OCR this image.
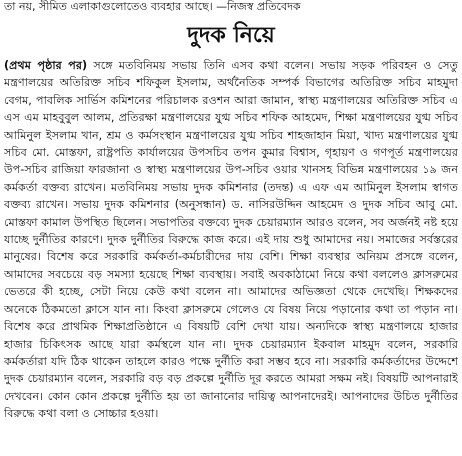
তা নয়, সীমিত এলাকাগুলোতেও ব্যবহার আছে। —নিজস্ব প্রতিবেদক
দুদক নিয়ে

(প্রথম পৃষ্ঠার পর) সঙ্গে মতবিনিময় সভায় তিনি এসব কথা বলেন। সভায় সড়ক পরিবহন ও সেতু মন্ত্রণালয়ের অতিরিক্ত সচিব শফিকুল ইসলাম, অর্থনৈতিক সম্পর্ক বিভাগের অতিরিক্ত সচিব মাহমুদা বেগম, পাবলিক সার্ভিস কমিশনের পরিচালক রওশন আরা জামান, স্বাস্থ্য মন্ত্রণালয়ের অতিরিক্ত সচিব এ এস এম মাহবুবুল আলম, প্রতিরক্ষা মন্ত্রণালয়ের যুগ্ম সচিব শফিক আহমেদ, শিক্ষা মন্ত্রণালয়ের যুগ্ম সচিব আমিনুল ইসলাম খান, শ্রম ও কর্মসংস্থান মন্ত্রণালয়ের যুগ্ম সচিব শাহজাহান মিয়া, খাদ্য মন্ত্রণালয়ের যুগ্ম সচিব মো. মোস্তফা, রাষ্ট্রপতি কার্যালয়ের উপসচিব তপন কুমার বিশ্বাস, গৃহায়ণ ও গণপূর্ত মন্ত্রণালয়ের উপ-সচিব রাজিয়া ফারজানা ও স্বাস্থ্য মন্ত্রণালয়ের উপ-সচিব ওয়ার খানসহ বিভিন্ন মন্ত্রণালয়ের ১৯ জন কর্মকর্তা বক্তব্য রাখেন। মতবিনিময় সভায় দুদক কমিশনার (তদন্ত) এ এফ এম আমিনুল ইসলাম স্বাগত বক্তব্য রাখেন। সভায় দুদক কমিশনার (অনুসন্ধান) ড. নাসিরউদ্দিন আহমেদ ও দুদক সচিব আবু মো. মোস্তফা কামাল উপস্থিত ছিলেন। সভাপতির বক্তব্যে দুদক চেয়ারম্যান আরও বলেন, সব অর্জনই নষ্ট হয়ে যাচ্ছে দুর্নীতির কারণে। দুদক দুর্নীতির বিরুদ্ধে কাজ করে। এই দায় শুধু আমাদের নয়। সমাজের সর্বস্তরের মানুষের। বিশেষ করে সরকারি কর্মকর্তা-কর্মচারীদের দায় বেশি। শিক্ষা ব্যবস্থার অনিয়ম প্রসঙ্গে বলেন, আমাদের সবচেয়ে বড় সমস্যা হয়েছে শিক্ষা ব্যবস্থায়। সবাই অবকাঠামো নিয়ে কথা বললেও ক্লাসরুমের ভেতরে কী হচ্ছে, সেটা নিয়ে কেউ কথা বলেন না। আমাদের অভিজ্ঞতা থেকে দেখেছি। শিক্ষকদের অনেকে ঠিকমতো ক্লাসে যান না। কিংবা ক্লাসরুমে গেলেও যে বিষয় নিয়ে পড়ানোর কথা তা পড়ান না। বিশেষ করে প্রাথমিক শিক্ষাপ্রতিষ্ঠানে এ বিষয়টি বেশি দেখা যায়। অন্যদিকে স্বাস্থ্য মন্ত্রণালয়ে হাজার হাজার চিকিৎসক আছে যারা কর্মস্থলে যান না। দুদক চেয়ারম্যান ইকবাল মাহমুদ বলেন, সরকারি কর্মকর্তারা যদি ঠিক থাকেন তাহলে কারও পক্ষে দুর্নীতি করা সম্ভব হবে না। সরকারি কর্মকর্তাদের উদ্দেশে দুদক চেয়ারম্যান বলেন, সরকারি বড় বড় প্রকল্পে দুর্নীতি দূর করতে আমরা সক্ষম নই। বিষয়টি আপনারাই দেখবেন। কোন কোন প্রকল্পে দুর্নীতি হয় তা জানানোর দায়িত্ব আপনাদেরই। আপনাদের উচিত দুর্নীতির বিরুদ্ধে কথা বলা ও সোচ্চার হওয়া।
